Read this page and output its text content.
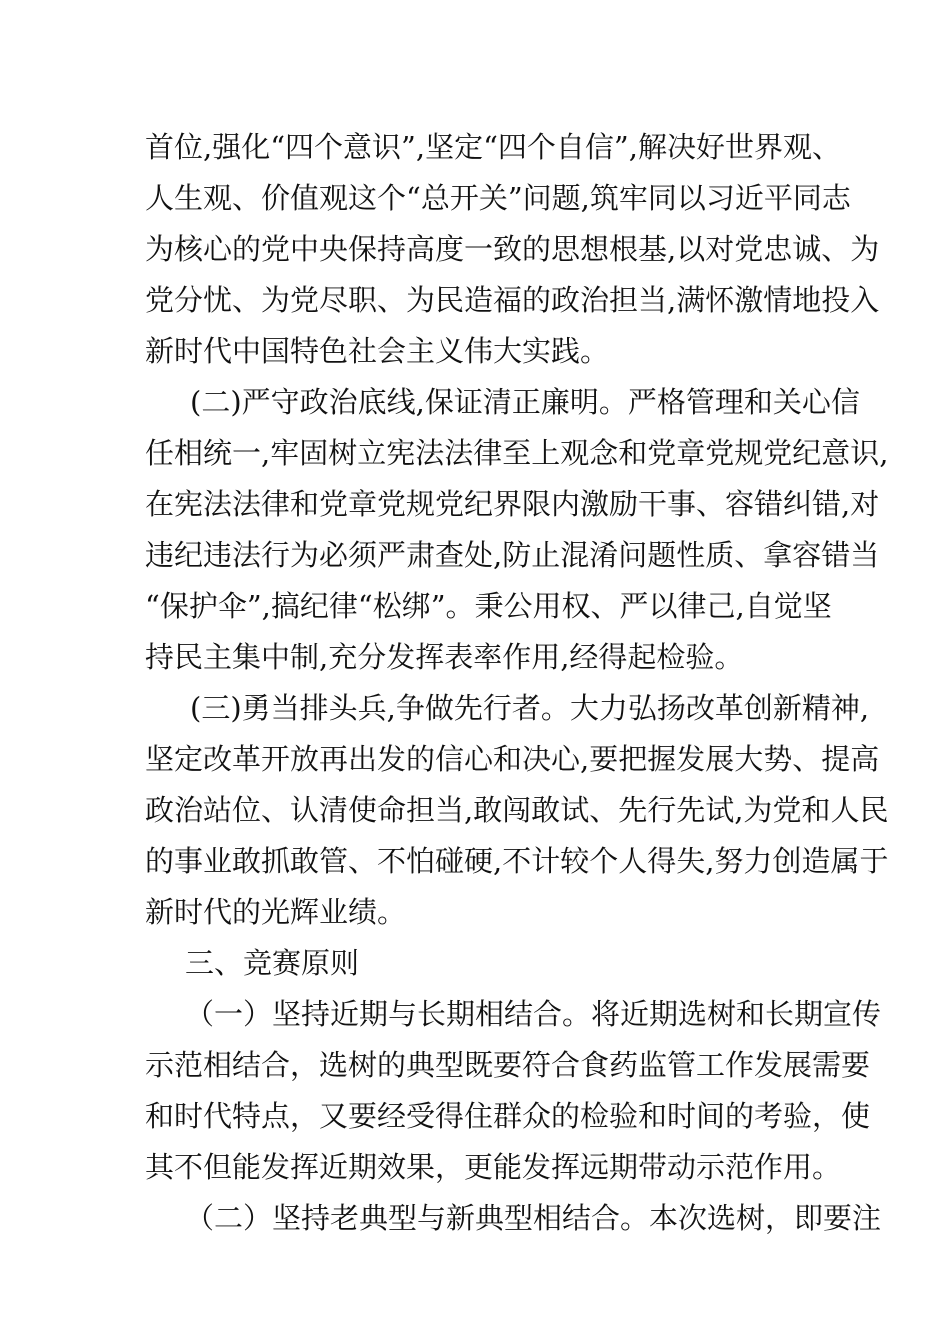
首位,强化“四个意识”,坚定“四个自信”,解决好世界观、
人生观、价值观这个“总开关”问题,筑牢同以习近平同志
为核心的党中央保持高度一致的思想根基,以对党忠诚、为
党分忧、为党尽职、为民造福的政治担当,满怀激情地投入
新时代中国特色社会主义伟大实践。
(二)严守政治底线,保证清正廉明。严格管理和关心信
任相统一,牢固树立宪法法律至上观念和党章党规党纪意识,
在宪法法律和党章党规党纪界限内激励干事、容错纠错,对
违纪违法行为必须严肃查处,防止混淆问题性质、拿容错当
“保护伞”,搞纪律“松绑”。秉公用权、严以律己,自觉坚
持民主集中制,充分发挥表率作用,经得起检验。
(三)勇当排头兵,争做先行者。大力弘扬改革创新精神,
坚定改革开放再出发的信心和决心,要把握发展大势、提高
政治站位、认清使命担当,敢闯敢试、先行先试,为党和人民
的事业敢抓敢管、不怕碰硬,不计较个人得失,努力创造属于
新时代的光辉业绩。
三、竞赛原则
（一）坚持近期与长期相结合。将近期选树和长期宣传
示范相结合，选树的典型既要符合食药监管工作发展需要
和时代特点，又要经受得住群众的检验和时间的考验，使
其不但能发挥近期效果，更能发挥远期带动示范作用。
（二）坚持老典型与新典型相结合。本次选树，即要注
